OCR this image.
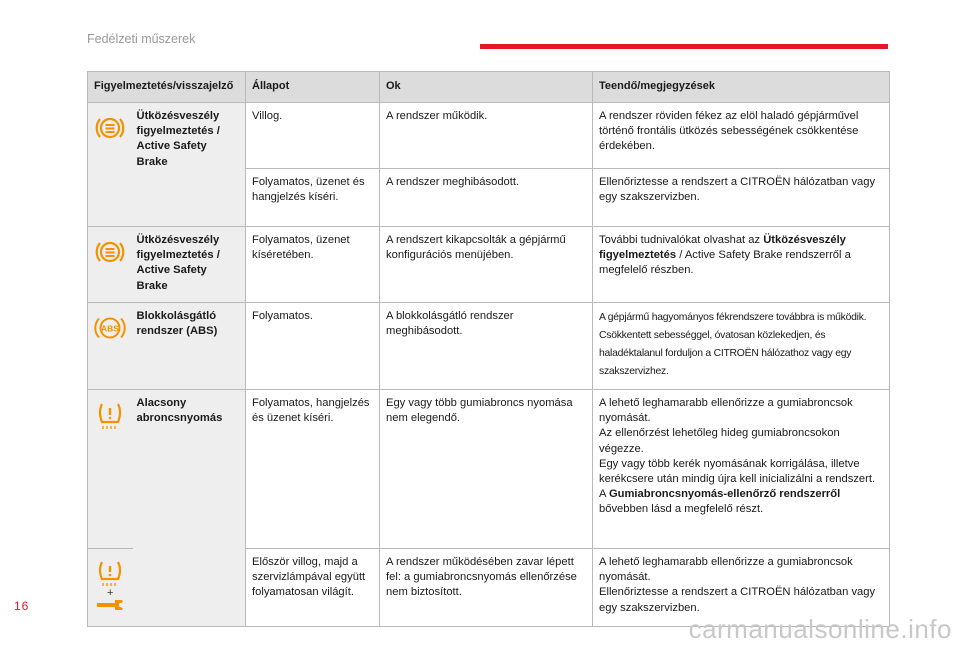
Fedélzeti műszerek
Figyelmeztetés/visszajelző		Állapot	Ok	Teendő/megjegyzések

	Ütközésveszély figyelmeztetés / Active Safety Brake	Villog.	A rendszer működik.	A rendszer röviden fékez az elöl haladó gépjárművel történő frontális ütközés sebességének csökkentése érdekében.
		Folyamatos, üzenet és hangjelzés kíséri.	A rendszer meghibásodott.	Ellenőriztesse a rendszert a CITROËN hálózatban vagy egy szakszervizben.

	Ütközésveszély figyelmeztetés / Active Safety Brake	Folyamatos, üzenet kíséretében.	A rendszert kikapcsolták a gépjármű konfigurációs menüjében.	További tudnivalókat olvashat az Ütközésveszély figyelmeztetés / Active Safety Brake rendszerről a megfelelő részben.

ABS	Blokkolásgátló rendszer (ABS)	Folyamatos.	A blokkolásgátló rendszer meghibásodott.	A gépjármű hagyományos fékrendszere továbbra is működik. Csökkentett sebességgel, óvatosan közlekedjen, és haladéktalanul forduljon a CITROËN hálózathoz vagy egy szakszervizhez.

	Alacsony abroncsnyomás	Folyamatos, hangjelzés és üzenet kíséri.	Egy vagy több gumiabroncs nyomása nem elegendő.	A lehető leghamarabb ellenőrizze a gumiabroncsok nyomását.
Az ellenőrzést lehetőleg hideg gumiabroncsokon végezze.
Egy vagy több kerék nyomásának korrigálása, illetve kerékcsere után mindig újra kell inicializálni a rendszert.
A Gumiabroncsnyomás-ellenőrző rendszerről bővebben lásd a megfelelő részt.

+		Először villog, majd a szervizlámpával együtt folyamatosan világít.	A rendszer működésében zavar lépett fel: a gumiabroncsnyomás ellenőrzése nem biztosított.	A lehető leghamarabb ellenőrizze a gumiabroncsok nyomását.
Ellenőriztesse a rendszert a CITROËN hálózatban vagy egy szakszervizben.
16
carmanualsonline.info
